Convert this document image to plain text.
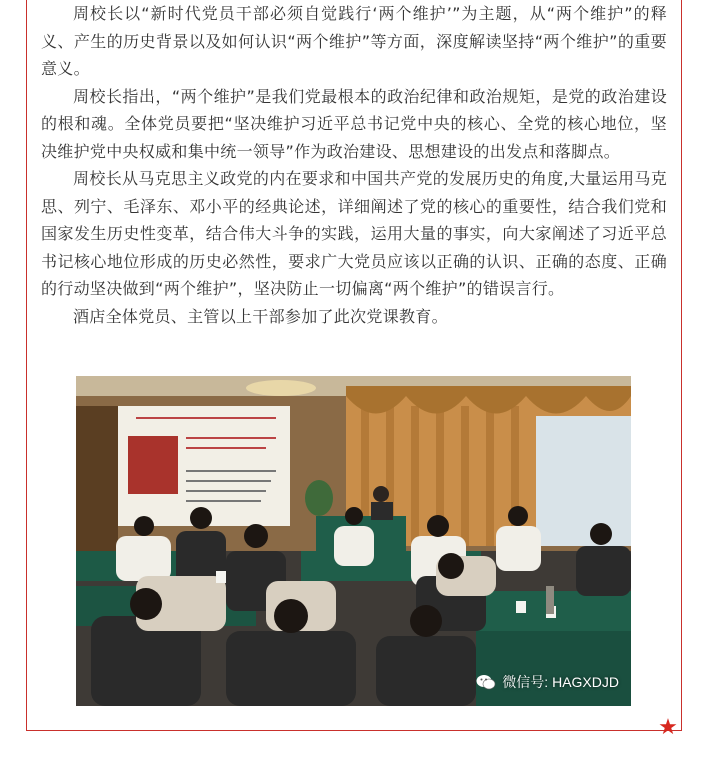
★

周校长以“新时代党员干部必须自觉践行‘两个维护’”为主题，从“两个维护”的释义、产生的历史背景以及如何认识“两个维护”等方面，深度解读坚持“两个维护”的重要意义。

周校长指出，“两个维护”是我们党最根本的政治纪律和政治规矩，是党的政治建设的根和魂。全体党员要把“坚决维护习近平总书记党中央的核心、全党的核心地位，坚决维护党中央权威和集中统一领导”作为政治建设、思想建设的出发点和落脚点。

周校长从马克思主义政党的内在要求和中国共产党的发展历史的角度,大量运用马克思、列宁、毛泽东、邓小平的经典论述，详细阐述了党的核心的重要性，结合我们党和国家发生历史性变革，结合伟大斗争的实践，运用大量的事实，向大家阐述了习近平总书记核心地位形成的历史必然性，要求广大党员应该以正确的认识、正确的态度、正确的行动坚决做到“两个维护”，坚决防止一切偏离“两个维护”的错误言行。

酒店全体党员、主管以上干部参加了此次党课教育。

微信号: HAGXDJD
